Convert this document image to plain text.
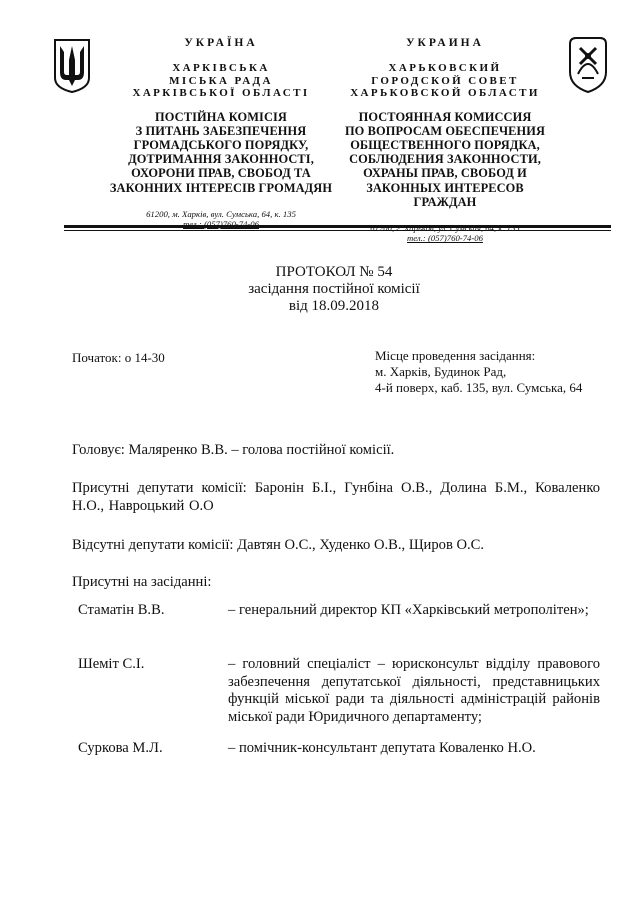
УКРАЇНА
ХАРКІВСЬКА
МІСЬКА РАДА
ХАРКІВСЬКОЇ ОБЛАСТІ
ПОСТІЙНА КОМІСІЯ
З ПИТАНЬ ЗАБЕЗПЕЧЕННЯ
ГРОМАДСЬКОГО ПОРЯДКУ,
ДОТРИМАННЯ ЗАКОННОСТІ,
ОХОРОНИ ПРАВ, СВОБОД ТА
ЗАКОННИХ ІНТЕРЕСІВ ГРОМАДЯН
61200, м. Харків, вул. Сумська, 64, к. 135
УКРАИНА
ХАРЬКОВСКИЙ
ГОРОДСКОЙ СОВЕТ
ХАРЬКОВСКОЙ ОБЛАСТИ
ПОСТОЯННАЯ КОМИССИЯ
ПО ВОПРОСАМ ОБЕСПЕЧЕНИЯ
ОБЩЕСТВЕННОГО ПОРЯДКА,
СОБЛЮДЕНИЯ ЗАКОННОСТИ,
ОХРАНЫ ПРАВ, СВОБОД И
ЗАКОННЫХ ИНТЕРЕСОВ ГРАЖДАН
тел.: (057)760-74-06
ПРОТОКОЛ № 54
засідання постійної комісії
від 18.09.2018
Початок: о 14-30	Місце проведення засідання:
м. Харків, Будинок Рад,
4-й поверх, каб. 135, вул. Сумська, 64
Головує: Маляренко В.В. – голова постійної комісії.
Присутні депутати комісії: Баронін Б.І., Гунбіна О.В., Долина Б.М., Коваленко Н.О., Навроцький О.О
Відсутні депутати комісії: Давтян О.С., Худенко О.В., Щиров О.С.
Присутні на засіданні:
Стаматін В.В.	– генеральний директор КП «Харківський метрополітен»;
Шеміт С.І.	– головний спеціаліст – юрисконсульт відділу правового забезпечення депутатської діяльності, представницьких функцій міської ради та діяльності адміністрацій районів міської ради Юридичного департаменту;
Суркова М.Л.	– помічник-консультант депутата Коваленко Н.О.
